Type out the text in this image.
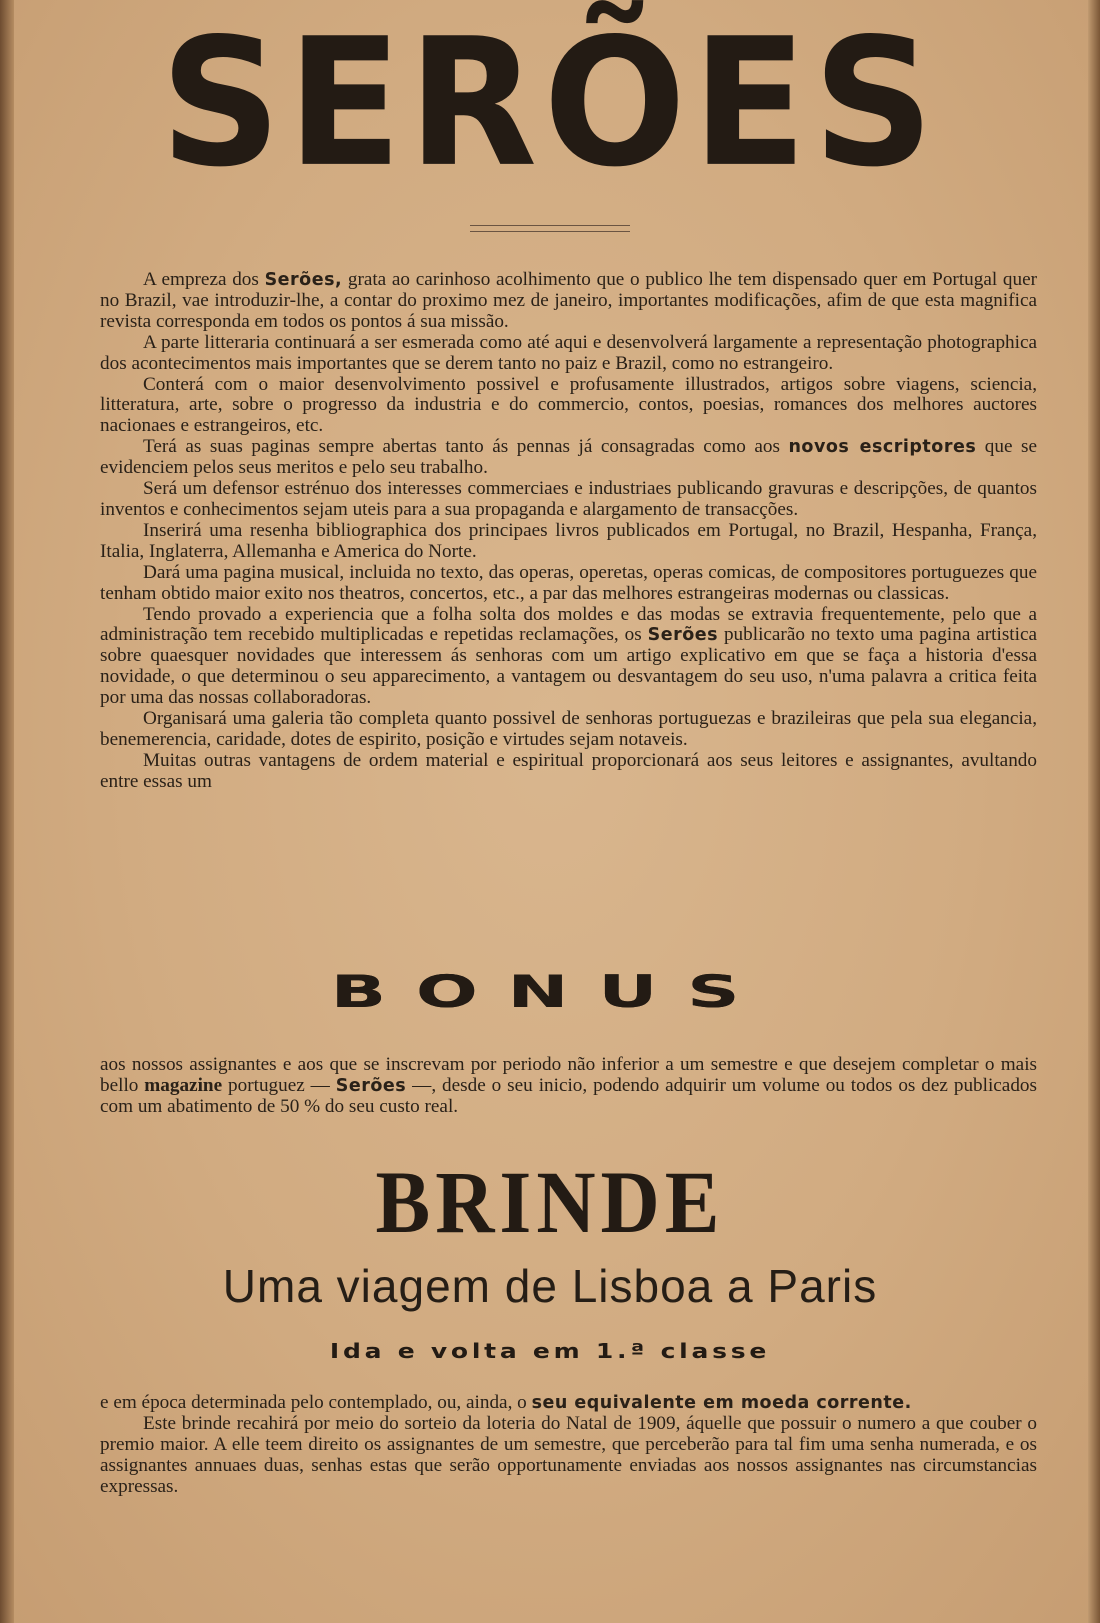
SERÕES

A empreza dos Serões, grata ao carinhoso acolhimento que o publico lhe tem dispensado quer em Portugal quer no Brazil, vae introduzir-lhe, a contar do proximo mez de janeiro, importantes modificações, afim de que esta magnifica revista corresponda em todos os pontos á sua missão.

A parte litteraria continuará a ser esmerada como até aqui e desenvolverá largamente a representação photographica dos acontecimentos mais importantes que se derem tanto no paiz e Brazil, como no estrangeiro.

Conterá com o maior desenvolvimento possivel e profusamente illustrados, artigos sobre viagens, sciencia, litteratura, arte, sobre o progresso da industria e do commercio, contos, poesias, romances dos melhores auctores nacionaes e estrangeiros, etc.

Terá as suas paginas sempre abertas tanto ás pennas já consagradas como aos novos escriptores que se evidenciem pelos seus meritos e pelo seu trabalho.

Será um defensor estrénuo dos interesses commerciaes e industriaes publicando gravuras e descripções, de quantos inventos e conhecimentos sejam uteis para a sua propaganda e alargamento de transacções.

Inserirá uma resenha bibliographica dos principaes livros publicados em Portugal, no Brazil, Hespanha, França, Italia, Inglaterra, Allemanha e America do Norte.

Dará uma pagina musical, incluida no texto, das operas, operetas, operas comicas, de compositores portuguezes que tenham obtido maior exito nos theatros, concertos, etc., a par das melhores estrangeiras modernas ou classicas.

Tendo provado a experiencia que a folha solta dos moldes e das modas se extravia frequentemente, pelo que a administração tem recebido multiplicadas e repetidas reclamações, os Serões publicarão no texto uma pagina artistica sobre quaesquer novidades que interessem ás senhoras com um artigo explicativo em que se faça a historia d'essa novidade, o que determinou o seu apparecimento, a vantagem ou desvantagem do seu uso, n'uma palavra a critica feita por uma das nossas collaboradoras.

Organisará uma galeria tão completa quanto possivel de senhoras portuguezas e brazileiras que pela sua elegancia, benemerencia, caridade, dotes de espirito, posição e virtudes sejam notaveis.

Muitas outras vantagens de ordem material e espiritual proporcionará aos seus leitores e assignantes, avultando entre essas um

BONUS

aos nossos assignantes e aos que se inscrevam por periodo não inferior a um semestre e que desejem completar o mais bello magazine portuguez — Serões —, desde o seu inicio, podendo adquirir um volume ou todos os dez publicados com um abatimento de 50 % do seu custo real.

BRINDE
Uma viagem de Lisboa a Paris
Ida e volta em 1.ª classe

e em época determinada pelo contemplado, ou, ainda, o seu equivalente em moeda corrente.

Este brinde recahirá por meio do sorteio da loteria do Natal de 1909, áquelle que possuir o numero a que couber o premio maior. A elle teem direito os assignantes de um semestre, que perceberão para tal fim uma senha numerada, e os assignantes annuaes duas, senhas estas que serão opportunamente enviadas aos nossos assignantes nas circumstancias expressas.
